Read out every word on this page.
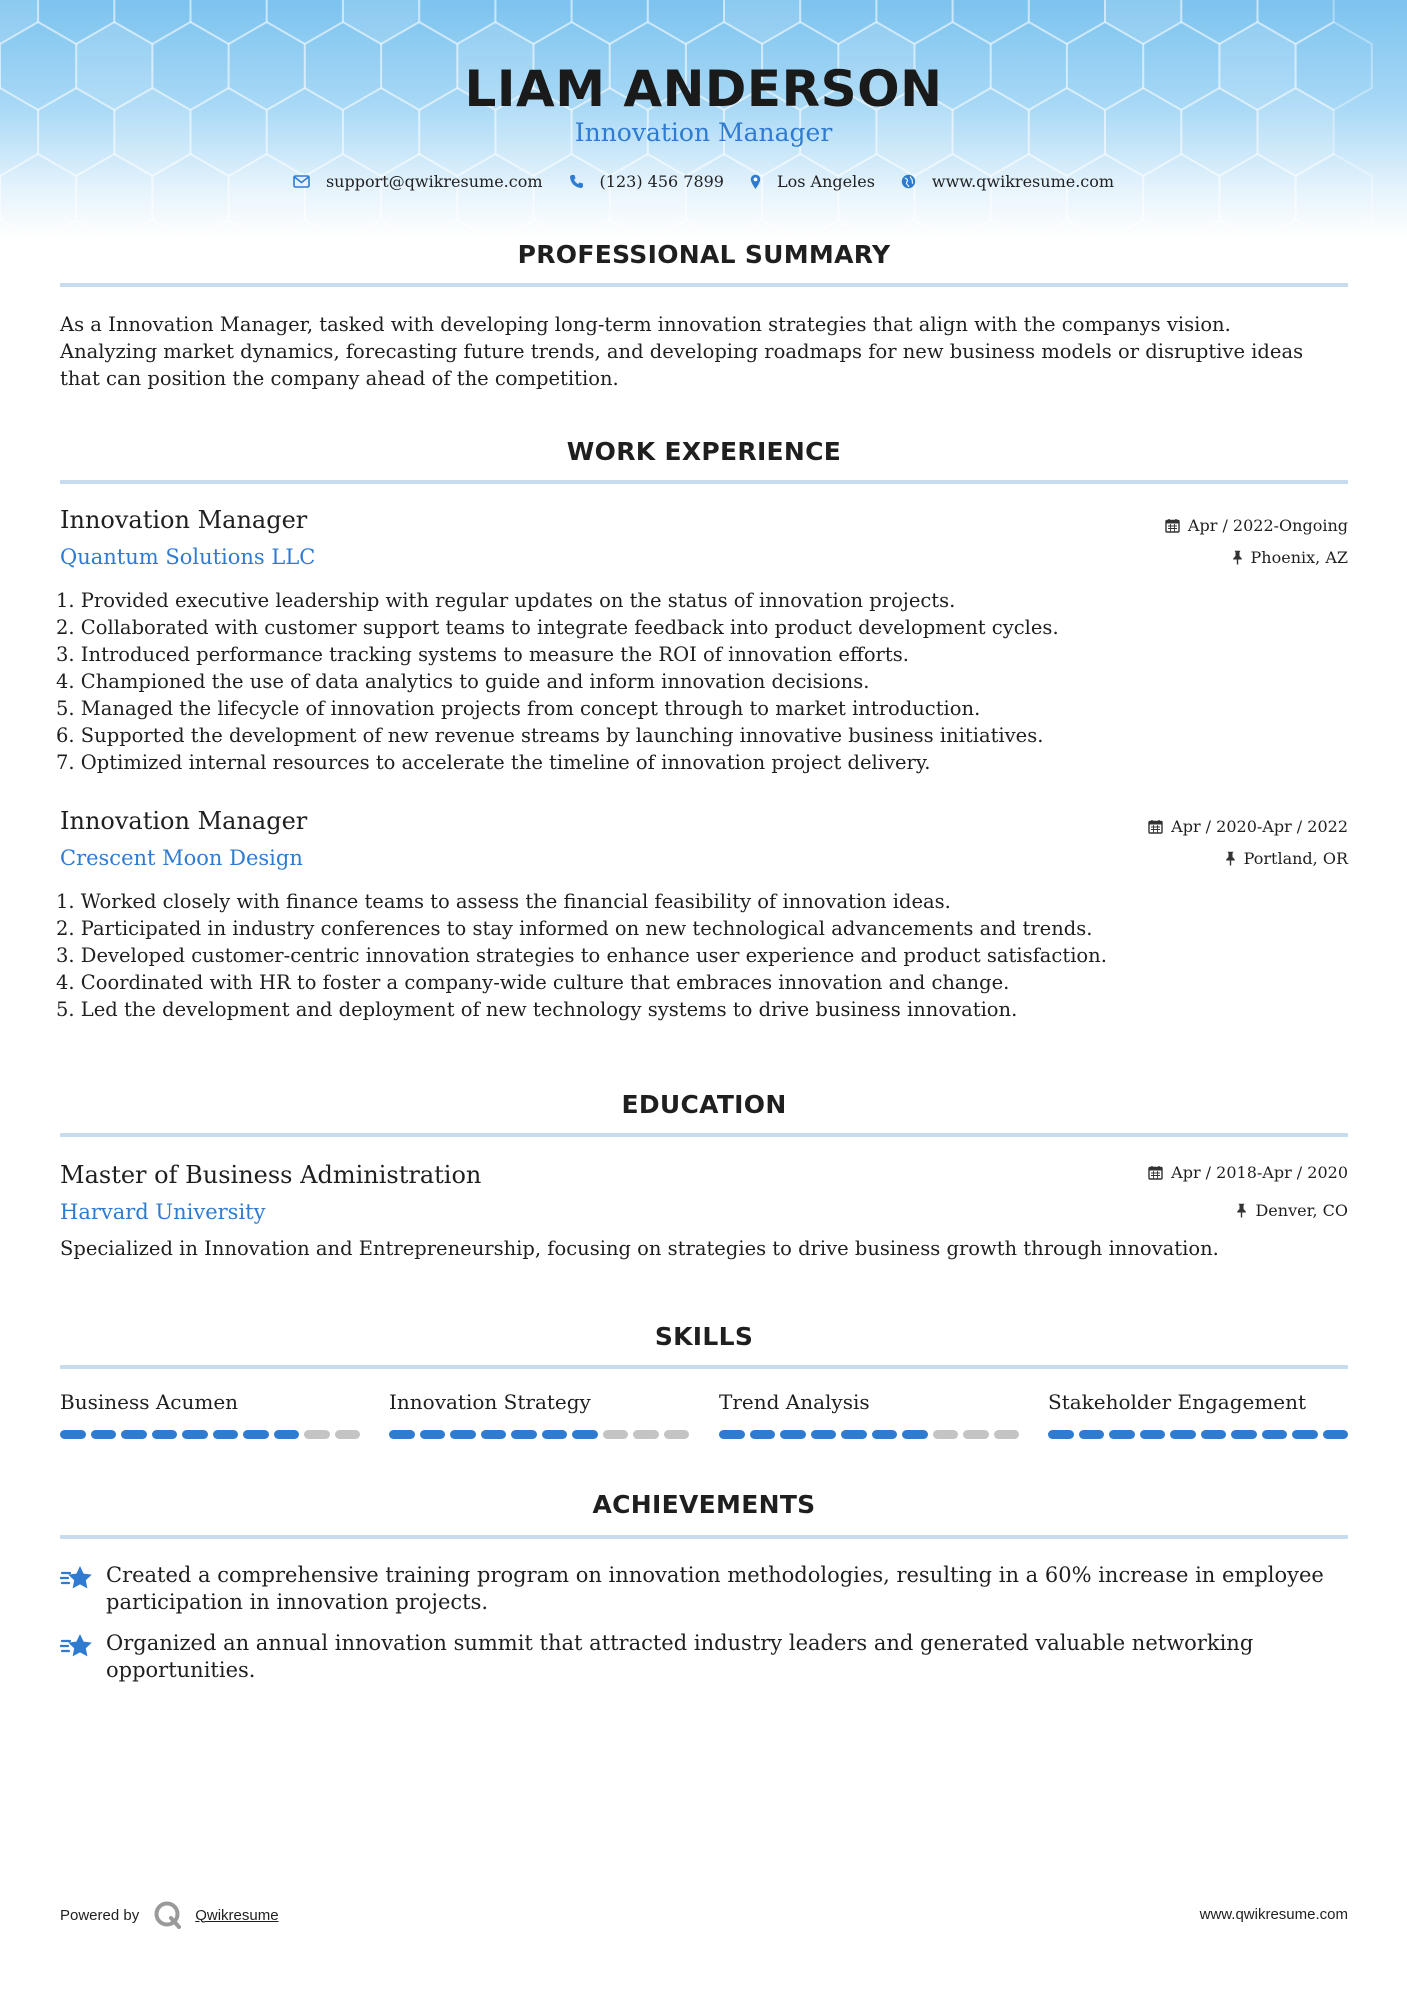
LIAM ANDERSON
Innovation Manager
support@qwikresume.com	(123) 456 7899	Los Angeles	www.qwikresume.com
PROFESSIONAL SUMMARY
As a Innovation Manager, tasked with developing long-term innovation strategies that align with the companys vision.
Analyzing market dynamics, forecasting future trends, and developing roadmaps for new business models or disruptive ideas
that can position the company ahead of the competition.
WORK EXPERIENCE
Innovation Manager
Quantum Solutions LLC
Apr / 2022-Ongoing
Phoenix, AZ
1. Provided executive leadership with regular updates on the status of innovation projects.
2. Collaborated with customer support teams to integrate feedback into product development cycles.
3. Introduced performance tracking systems to measure the ROI of innovation efforts.
4. Championed the use of data analytics to guide and inform innovation decisions.
5. Managed the lifecycle of innovation projects from concept through to market introduction.
6. Supported the development of new revenue streams by launching innovative business initiatives.
7. Optimized internal resources to accelerate the timeline of innovation project delivery.
Innovation Manager
Crescent Moon Design
Apr / 2020-Apr / 2022
Portland, OR
1. Worked closely with finance teams to assess the financial feasibility of innovation ideas.
2. Participated in industry conferences to stay informed on new technological advancements and trends.
3. Developed customer-centric innovation strategies to enhance user experience and product satisfaction.
4. Coordinated with HR to foster a company-wide culture that embraces innovation and change.
5. Led the development and deployment of new technology systems to drive business innovation.
EDUCATION
Master of Business Administration
Harvard University
Apr / 2018-Apr / 2020
Denver, CO
Specialized in Innovation and Entrepreneurship, focusing on strategies to drive business growth through innovation.
SKILLS
Business Acumen	Innovation Strategy	Trend Analysis	Stakeholder Engagement
ACHIEVEMENTS
Created a comprehensive training program on innovation methodologies, resulting in a 60% increase in employee
participation in innovation projects.
Organized an annual innovation summit that attracted industry leaders and generated valuable networking opportunities.
Powered by	Qwikresume	www.qwikresume.com
